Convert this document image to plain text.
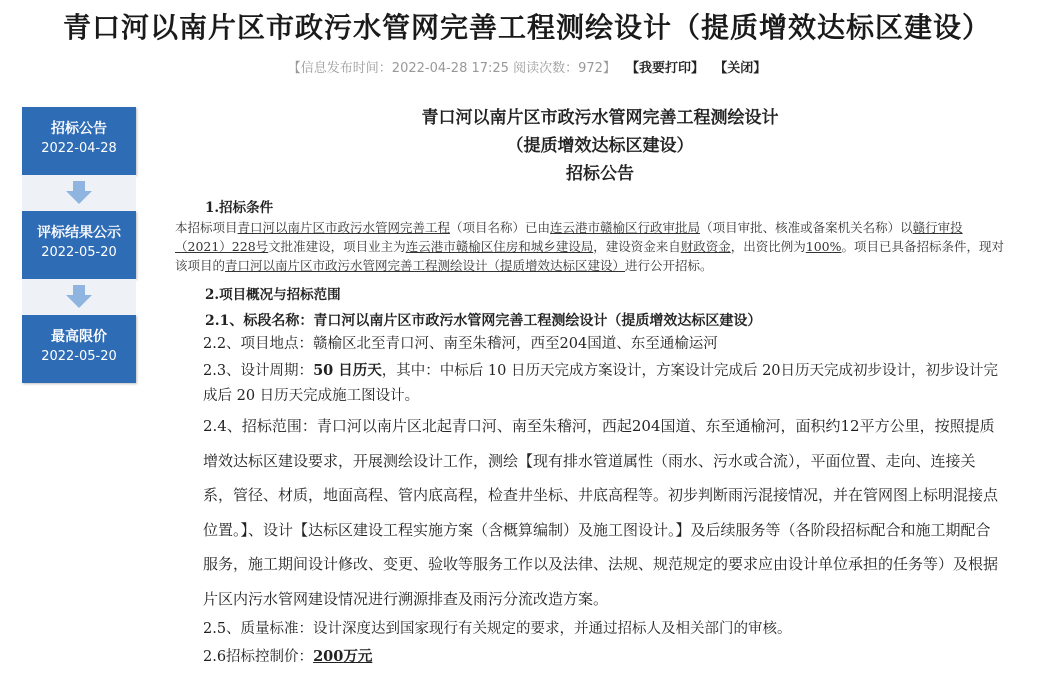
青口河以南片区市政污水管网完善工程测绘设计（提质增效达标区建设）
【信息发布时间：2022-04-28 17:25 阅读次数：972】 【我要打印】 【关闭】
招标公告
2022-04-28
评标结果公示
2022-05-20
最高限价
2022-05-20
青口河以南片区市政污水管网完善工程测绘设计
（提质增效达标区建设）
招标公告
1.招标条件
本招标项目青口河以南片区市政污水管网完善工程（项目名称）已由连云港市赣榆区行政审批局（项目审批、核准或备案机关名称）以赣行审投（2021）228号文批准建设，项目业主为连云港市赣榆区住房和城乡建设局，建设资金来自财政资金，出资比例为100%。项目已具备招标条件，现对该项目的青口河以南片区市政污水管网完善工程测绘设计（提质增效达标区建设）进行公开招标。
2.项目概况与招标范围
2.1、标段名称：青口河以南片区市政污水管网完善工程测绘设计（提质增效达标区建设）
2.2、项目地点：赣榆区北至青口河、南至朱稽河，西至204国道、东至通榆运河
2.3、设计周期：50 日历天，其中：中标后 10 日历天完成方案设计，方案设计完成后 20日历天完成初步设计，初步设计完成后 20 日历天完成施工图设计。
2.4、招标范围：青口河以南片区北起青口河、南至朱稽河，西起204国道、东至通榆河，面积约12平方公里，按照提质增效达标区建设要求，开展测绘设计工作，测绘【现有排水管道属性（雨水、污水或合流），平面位置、走向、连接关系，管径、材质，地面高程、管内底高程，检查井坐标、井底高程等。初步判断雨污混接情况，并在管网图上标明混接点位置。】、设计【达标区建设工程实施方案（含概算编制）及施工图设计。】及后续服务等（各阶段招标配合和施工期配合服务，施工期间设计修改、变更、验收等服务工作以及法律、法规、规范规定的要求应由设计单位承担的任务等）及根据片区内污水管网建设情况进行溯源排查及雨污分流改造方案。
2.5、质量标准：设计深度达到国家现行有关规定的要求，并通过招标人及相关部门的审核。
2.6招标控制价：200万元
